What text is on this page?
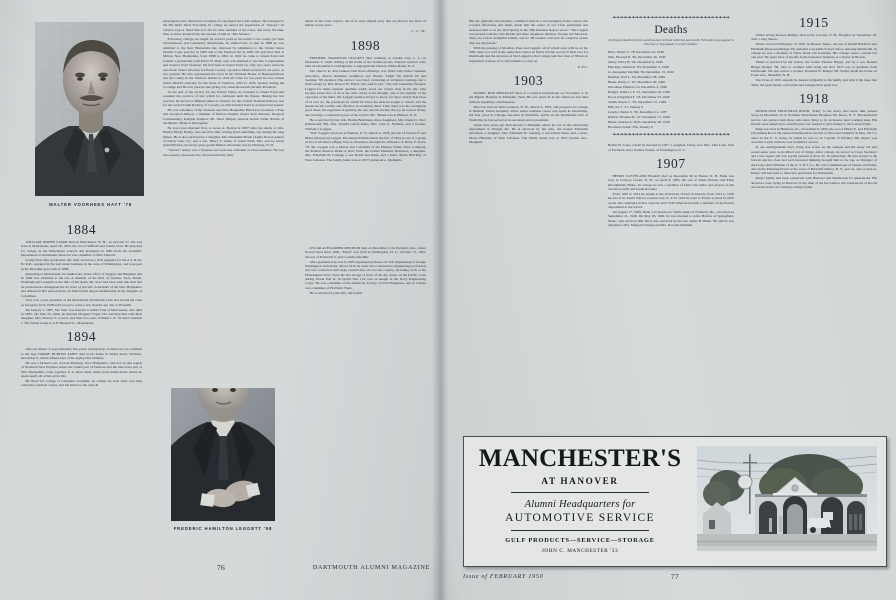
WALTER VOORHEES HAYT '78
1884

WILLIAM JOSEPH STARR died in Manchester, N. H., on October 27. He was born in Manchester, April 20, 1863, the son of William and Joanna Starr. He prepared for college in the Manchester schools and graduated in 1884 from the Scientific Department at Dartmouth where he was a member of Beta Theta Pi.

Going West after graduation, Mr. Starr served as a civil engineer for the A.T. & Sa. Fe R.R., engaged in the real estate business in the state of Washington, and took part in the Klondike gold rush of 1898.

Returning to Manchester, he studied law in the office of Taggart and Bingham and in 1909 was admitted to the bar. A member of the firm of Wyman, Starr, Booth, Wadleigh and Langdell at the time of his death, Mr. Starr had been with this firm and its predecessors throughout his 45 years of practice. A member of the New Hampshire and American Bar Associations, he held fourth degree membership in the Knights of Columbus.

Starr was a past president of the Manchester Dartmouth Club and served his class as Secretary from 1938 until forced to retire a few months ago due to ill health.

On January 1, 1887, Mr. Starr was married to Abbie True of Manchester, who died in 1893. On June 23, 1909, he married Margaret Fagin who survives him with their daughter, Mrs. Frances S. Lowell, and their two sons, William J. Jr. '33 and Cornelius J. The family home is at 81 Buzzell St., Manchester.

1894

After an illness of approximately five years, during most of which he was confined to his bed, HARRY BURTON AMEY died at his home in Island Pond, Vermont, December 6, within fifteen days of his eighty-first birthday.

He was a farmer's son, born in Pittsburg, New Hampshire, which is in that region of Northern New England where the widest part of Vermont and the narrowest part of New Hampshire come together. It is about thirty miles from Island Pond where he spent nearly all of his active life.

He fitted for college at Lancaster Academy. In college he took what was then called the classical course, and his letters to the class in

subsequent years disclosed a fondness for quoting from Latin authors. He belonged to the Phi Delta Theta Fraternity. In college he earned the appellation of "Senator." In various ways it fitted him as it did no other member of the Class, and every '94 man, then or since, instinctively has spoken of him as "The Senator."

Following college, he taught for several years in his native Coos county (at West Stewartstown and Lancaster). Meanwhile, he studied law, so that in 1898 he was admitted to the New Hampshire bar, followed by admittance to the United States District Court practice in 1900 and to the Vermont bar in 1905. He practiced first at Milton, New Hampshire, from 1898 to 1902. In 1902 he came to Island Pond and formed a partnership with Porter H. Dale, who was destined to become Congressman and Senator from Vermont. He had been in Island Pond for only two years when he was made State's Attorney for Essex County, a position which he held for six years, at two periods. He also represented his town in the Vermont House of Representatives and his county in the Vermont Senate in 1919-20. Then for ten years he was United States District Attorney for the State of Vermont, 1923 to 1933, serving during the Coolidge and Hoover periods and giving way when Roosevelt became President.

At the end of his service for the United States, he returned to Island Pond and resumed the practice of law which he continued until his illness. During his law practice, he served at different times as attorney for the Central Vermont Railway and for the Grand Trunk Railway of Canada, on which Island Pond is an important station.

He was a member of the Vermont and New Hampshire Historical Societies; a Free and Accepted Mason; a member of Barton Chapter, Royal Arch Masons; Newport Commandery, Knights Templar; Mt. Sinai Temple, Ancient Arabic Order Nobles of the Mystic Shrine at Montpelier.

He was twice married: first, to Grace A. Norton in 1897; after her death, to Mrs. Harriet Hardy Bailey, who survives him, having given unfailing care during his long illness. He is also survived by a daughter, Mrs. Benjamin Heath (Alpha Norton Amey) of Derby Line, Vt.; and a son, Henry T. Amey of South Paris, Me.; and by seven grandchildren and seven great-grandchildren. Interment was in Pittsburg, N. H.

"Senator" Amey was a frequent and welcome attendant at Class reunions. He was also usually represented by characteristically pithy

FREDERIC HAMILTON LEGGETT '98

letters in the Class reports. All of us were indeed sorry that we did not see more of him in recent years.

C. C. M.

1898

FREDERIC HAMILTON LEGGETT died suddenly at Garden City, L. I., on December 4, while visiting at the home of his brother-in-law. Funeral services were held on December 6 at Ridgeview Congregational Church, White Plains, N. Y.

The church, its altar banked with floral offerings, was filled with former business associates, church members, neighbors and friends. Virgin '00, Marsh '00 and Seelman '98 attended. The service was brief, consisting of scriptural readings and a brief eulogy by Rev. Robert W. Punch who said in part: "We will remember Frederic Leggett for many unusual qualities which stood out crystal clear in his life. One became aware first of all of the utter clarity of his thought, and of the rapidity of the operation of his mind. Mr. Leggett seemed always to know, far more clearly than most of us ever do, the principles by which he lived, the ends he sought to obtain, and the means he felt worthy and effective in obtaining them. Then there was his contagious good cheer, his eagerness in greeting the day and his friends, the joy he took in living, and in being a constructive part of the world's life." Burial was in Hudson, N. Y.

He is survived by his wife, Bertha Bohlmann, three daughters, Mrs. Daniel L. Dorr (Dartmouth '99), Mrs. Donald Currie Parks, Mrs. John A. Nathans, and a brother, William J. Leggett.

"Ted" Leggett was born at Hudson, N. Y., March 4, 1878, the son of Charles F. and Helen (Ferguson) Leggett. He entered Dartmouth in the fall of 1894 as one of a group of five from Berea (High) School, Brooklyn, through the influence of Harry F. Towle '76. Mr. Leggett was a Mason and a member of the Hudson Valley Trust Company, the Federal Reserve Bank of New York, the former Elkhardt Davidson; a daughter, Mrs. Elizabeth H. Lansing; a son David and Dana; and a sister, Marie Hinckley of West Lebanon. The family home was at 1657 Linden Ave., Memphis.

76	DARTMOUTH ALUMNI MAGAZINE

His wit, geniality and urbanity, combined with tact, and springing from a nature that scorned affectation and sham, made him the center of our Class gatherings and endeared him to us all. Jack Spring in the 50th Reunion Report wrote: "Ted Leggett was present with his wife Berthe and three daughters, Marion, Yvonne and Marjorie. They are a most delightful family; and no '98 reunion will ever be complete unless they are all present."

With the passing of Moulton, Pope and Leggett, all of whom were with us on the 50th, there is a void in the ranks that cannot be filled, but the record of their love for Dartmouth and the devotion of Ted Leggett to the College and the Class of '98 are an inspiration to those of us who remain to carry on.

E.P.S.

1903

DANIEL ROY HINCKLEY died of a cerebral hemorrhage on November 3, in the Baptist Hospital in Memphis, Tenn. He was taken ill in the afternoon and died without regaining consciousness.

Dan was born in West Lebanon, N. H., March 3, 1879, and prepared for college at Kimball Union Academy. Dan's entire business career was spent in advertising, but four years in Chicago and later in Nashville. Active in the Dartmouth Club of Nashville, he had served as its secretary and as president.

About nine years ago Dan moved to Memphis where he was in the advertising department of Plough, Inc. He is survived by his wife, the former Elizabeth Davidson; a daughter, Mrs. Elizabeth H. Lansing; a son David Dana; and a sister, Marie Hinckley of West Lebanon. The family home was at 1657 Linden Ave., Memphis.

OSCAR ALEXANDER MECHLIN died on December 13 in Portland, Ore., where he had lived since 1946. "Mech" was born in Washington, D. C., October 13, 1881, the son of Frederick S. and Cornelia Mechlin.

After graduation he was in 1905 appointed professor of civil engineering at George Washington University. About 1910 he went into construction engineering profession and was connected with large construction all over the country, including work at the Philadelphia Navy Yard. He had charge of most of the dry docks on the Pacific coast during World War II. In World War I he was an ensign in the Navy Engineering Corps. He was a member of the American Society of Civil Engineers, and in college was a member of Phi Delta Theta.

He is survived by his wife, the former

❧❧❧❧❧❧❧❧❧❧❧❧❧❧❧❧❧❧❧❧❧❧❧❧❧❧❧❧❧❧❧
Deaths
[A listing of deaths of which word has been received within the past month. Full notices may appear in this issue or may appear in a later number]
Hayt, Walter V. '78, December 23, 1949
Nutt, Howard E. '90, December 29, 1949
Amey, Harry B. '94, December 6, 1949
Hinckley, Daniel R. '03, November 3, 1949
O. Alexander Mechlin '05, December 13, 1949
Herman, Earl L. '04, December 28, 1949
Blake, Henry C. '07, December 20, 1949
Davidson, Herman '14, December 2, 1949
Badger, Walter I. P. '15, September 19, 1949
Rood, Kingsland T. '18, December 23, 1949
Smith, Ernest C. '23, September 27, 1949
Hill, Joe J. '27, January 9
Lynch, Charles S. '30, December 11, 1937
Killick, Thomas M. '47, December 17, 1949
Hicks, Charles A. '81m, December 28, 1949
Bowman, Isaiah '35h, January 6
❧❧❧❧❧❧❧❧❧❧❧❧❧❧❧❧❧❧❧❧❧❧❧❧❧❧❧❧❧❧❧

Bertha H. Jones, whom he married in 1907; a daughter, Doris, now Mrs. John Lane, both of Portland; and a brother, Ernest, of Washington, D. C.

1907

HENRY CLEVELAND BLAKE died on December 20 in Exeter, N. H. Hank was born in Conway Center, N. H., on April 8, 1885, the son of James Horatio and Ellen (Ploughman) Blake. In college he was a member of Delta Tau Delta and played on the varsity football and baseball teams.

From 1907 to 1913 he taught at the University School in Detroit; from 1913 to 1918 he was at St. Paul's School, Garden City, N. Y. In 1918 he went to Exeter as head football coach and continued in that capacity until 1930 when he became a member of the French department at the school.

On August 17, 1908, Hank was married to Nellie Ames of Fairfield, Me., who died on September 21, 1948. On May 28, 1949, he was married to Alice Barlow of Springfield, Mass., who survives him. He is also survived by his son, James H. Blake '38, and by two daughters, Mrs. Margaret Ewing and Mrs. Dorothy Denham.

1915

Walter Irving Pearson Badger, died at the Laconia, N. H., Hospital on September 19, after a long illness.

Walter was born February 13, 1891, in Boston, Mass., the son of Daniel Bradford and Elizabeth (Pearson) Badger. He attended Cascadilla School before entering Dartmouth. In college he was a member of Theta Delta Chi fraternity. His college career covered but one year. He spent most of his life in the insurance business as a broker in Boston.

Walter is survived by his widow, the former Eleanor Briggs, and by a son, Donald Briggs Badger '38, who is credited with being the first 1915 son to graduate from Dartmouth. He also leaves a brother, Erasmus B. Badger '08. Walter made his home on Eaton Ave., Meredith, N. H.

The Class of 1915 extends its deepest sympathy to his family and with it the hope that Time, the great healer, will soften and assuage their great loss.

1918

KINGSLAND TROUTMAN ROOD, "King" to the many who knew him, passed away on December 23 at Northern Westchester Hospital, Mt. Kisco, N. Y. The memorial service was packed with those who knew King to be an honest, hard working man. His friends were asked not to send flowers, but instead to give money to the Cancer Fund.

King was born in Hazleton, Pa., November 8, 1895, the son of Henry E. and Elizabeth (Troutman) Rood. He entered Dartmouth in the fall of 1914 and withdrew in May 1917 to enlist in the U. S. Army, in which he rose to be Captain of Infantry. His degree was awarded to him while he was in military service.

In our undergraduate days, King was active on the campus and his ready wit and sound sense were rock-ribbed sort of things. After college, he served as Class Secretary and Class Agent and was loyally present at most all '18 gatherings. He had started at the bottom and his clear and well-balanced thinking brought him to the top, as Manager of the Long Lines Division of the A. T. & T. Co. He was Commissioner of Streets and Parks, and on the Planning Board of his town of Briarcliff Manor, N. Y., and on, and on and on. King's will had time to interview applicants for Dartmouth.

King's family had been connected with Hanover and Dartmouth for generations. His ancestors were living in Hanover at the time of the Revolution and generations of Roods are buried in the old cemetery. King's father

MANCHESTER'S
AT HANOVER
Alumni Headquarters for
AUTOMOTIVE SERVICE
GULF PRODUCTS—SERVICE—STORAGE
JOHN C. MANCHESTER '33
Issue of FEBRUARY 1950	77
